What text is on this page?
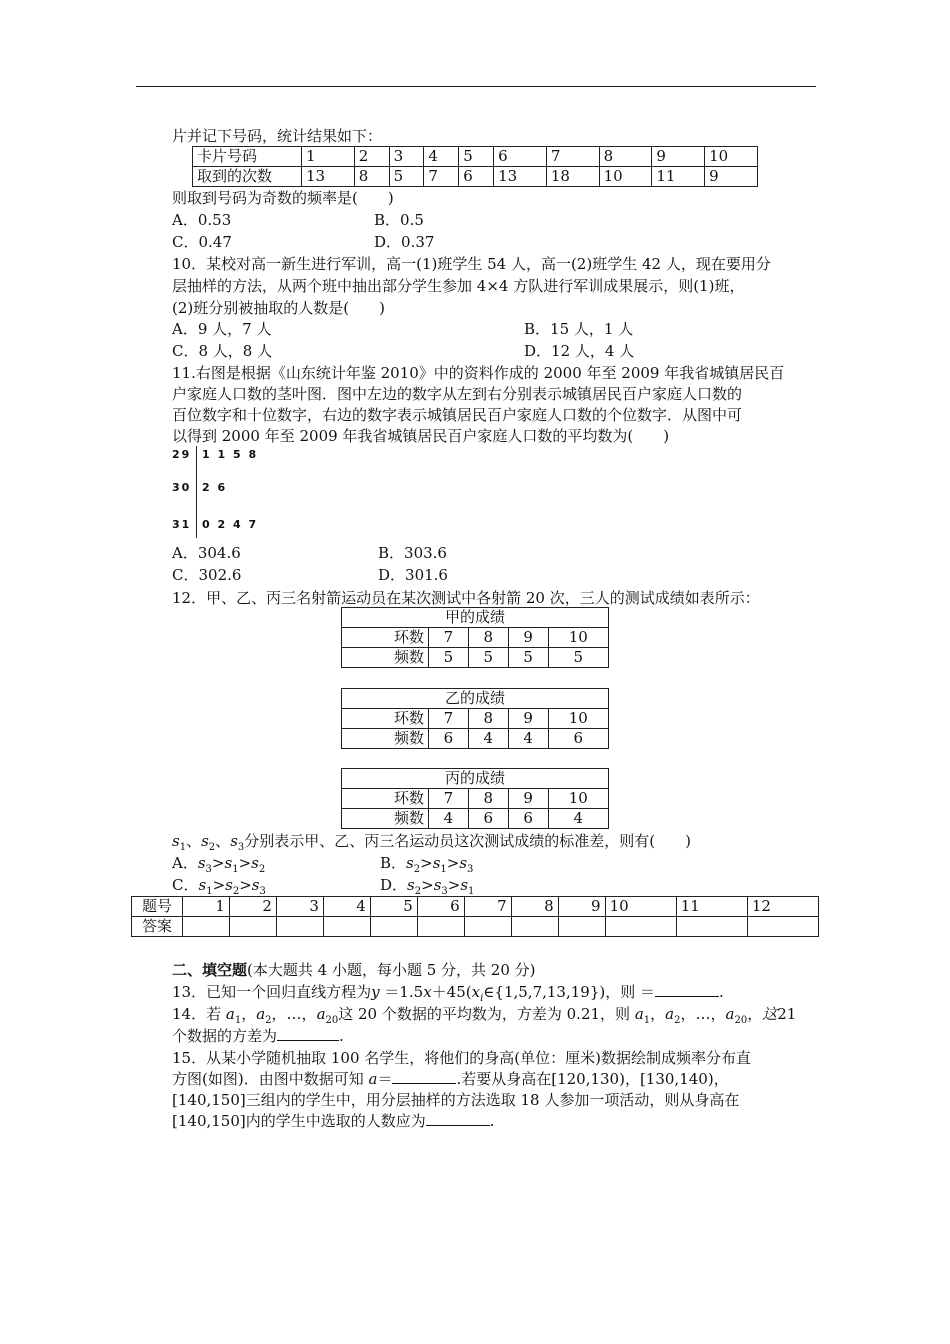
片并记下号码，统计结果如下：
卡片号码	1	2	3	4	5	6	7	8	9	10
取到的次数	13	8	5	7	6	13	18	10	11	9
则取到号码为奇数的频率是(　　)
A．0.53	B．0.5
C．0.47	D．0.37
10．某校对高一新生进行军训，高一(1)班学生 54 人，高一(2)班学生 42 人，现在要用分
层抽样的方法，从两个班中抽出部分学生参加 4×4 方队进行军训成果展示，则(1)班，
(2)班分别被抽取的人数是(　　)
A．9 人，7 人	B．15 人，1 人
C．8 人，8 人	D．12 人，4 人
11.右图是根据《山东统计年鉴 2010》中的资料作成的 2000 年至 2009 年我省城镇居民百
户家庭人口数的茎叶图．图中左边的数字从左到右分别表示城镇居民百户家庭人口数的
百位数字和十位数字，右边的数字表示城镇居民百户家庭人口数的个位数字．从图中可
以得到 2000 年至 2009 年我省城镇居民百户家庭人口数的平均数为(　　)
29 1 1 5 8
30 2 6
31 0 2 4 7
A．304.6	B．303.6
C．302.6	D．301.6
12．甲、乙、丙三名射箭运动员在某次测试中各射箭 20 次，三人的测试成绩如表所示：
甲的成绩				
环数	7	8	9	10
频数	5	5	5	5
乙的成绩				
环数	7	8	9	10
频数	6	4	4	6
丙的成绩				
环数	7	8	9	10
频数	4	6	6	4
$s_1$、$s_2$、$s_3$分别表示甲、乙、丙三名运动员这次测试成绩的标准差，则有(　　)
A．$s_3>s_1>s_2$	B．$s_2>s_1>s_3$
C．$s_1>s_2>s_3$	D．$s_2>s_3>s_1$
题号	1	2	3	4	5	6	7	8	9	10	11	12
答案												
二、填空题(本大题共 4 小题，每小题 5 分，共 20 分)
13．已知一个回归直线方程为$y =1.5x+45(x_i\in\{1,5,7,13,19\})$，则 ＝	.
14．若 $a_1$，$a_2$，…，$a_{20}$这 20 个数据的平均数为，方差为 0.21，则 $a_1$，$a_2$，…，$a_{20}$，这21
个数据的方差为	.
15．从某小学随机抽取 100 名学生，将他们的身高(单位：厘米)数据绘制成频率分布直
方图(如图)．由图中数据可知 a＝	.若要从身高在[120,130)，[130,140)，
[140,150]三组内的学生中，用分层抽样的方法选取 18 人参加一项活动，则从身高在
[140,150]内的学生中选取的人数应为	.
